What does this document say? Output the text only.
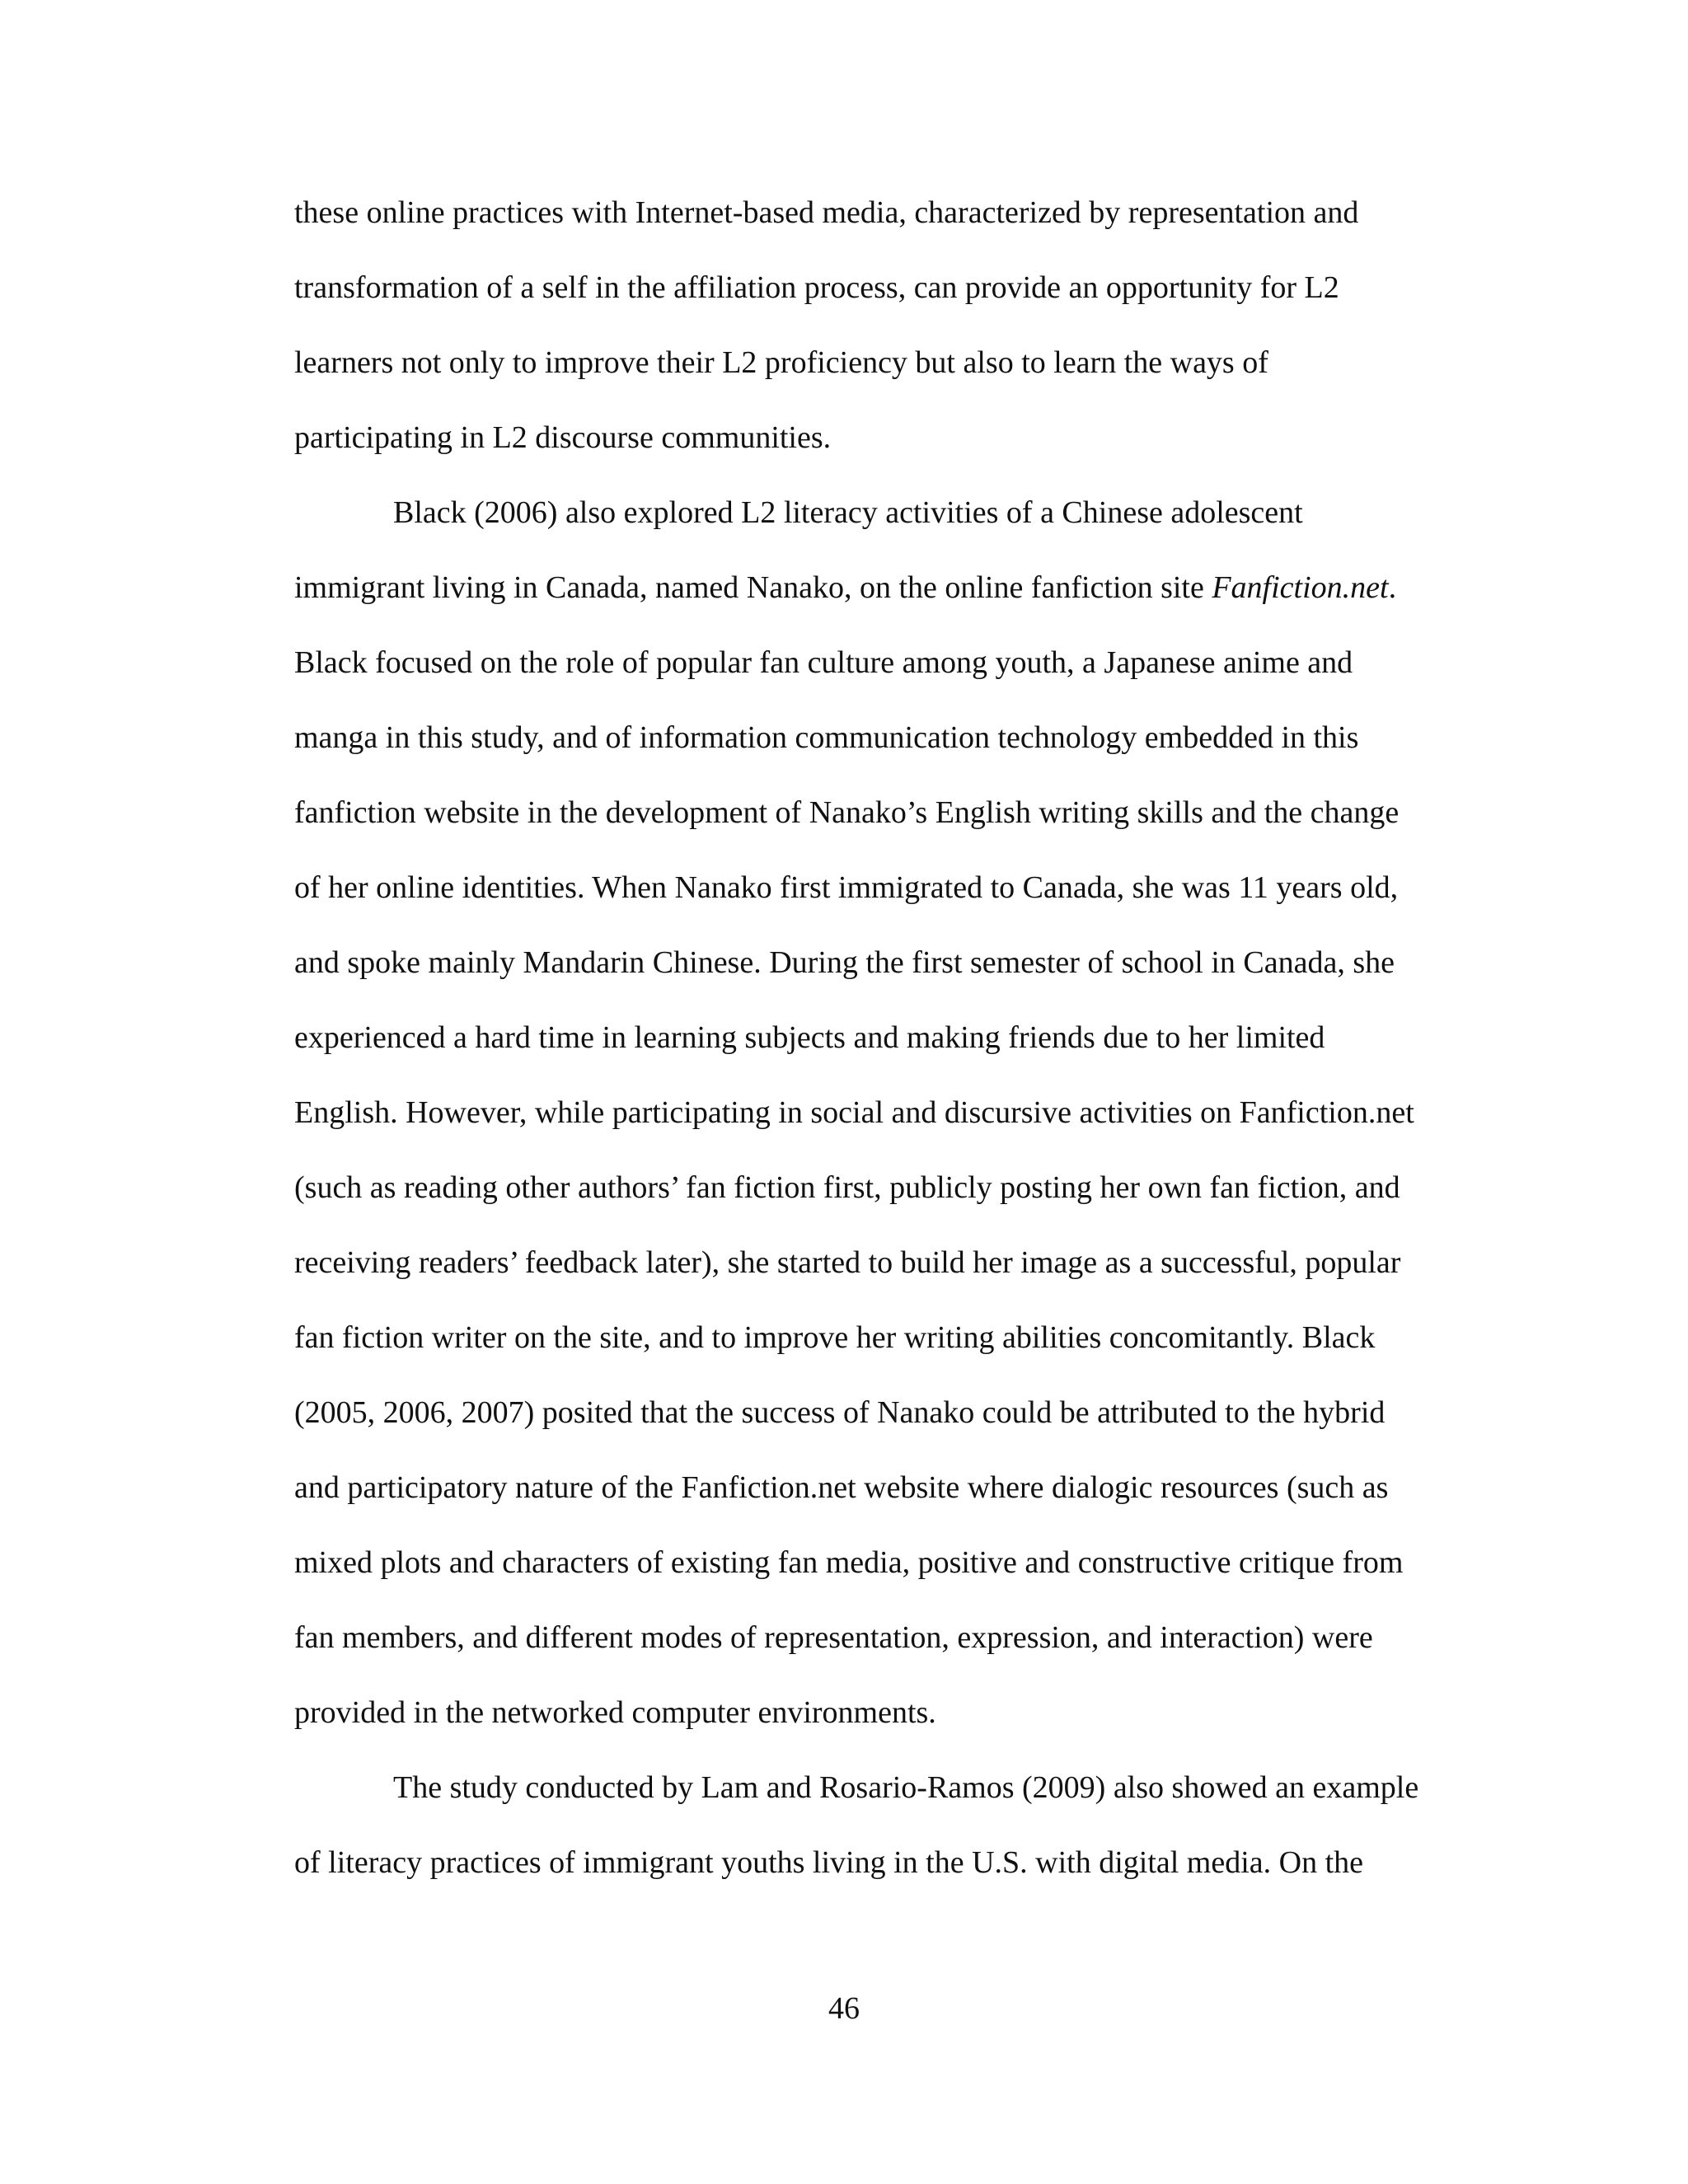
these online practices with Internet-based media, characterized by representation and
transformation of a self in the affiliation process, can provide an opportunity for L2
learners not only to improve their L2 proficiency but also to learn the ways of
participating in L2 discourse communities.
Black (2006) also explored L2 literacy activities of a Chinese adolescent
immigrant living in Canada, named Nanako, on the online fanfiction site Fanfiction.net.
Black focused on the role of popular fan culture among youth, a Japanese anime and
manga in this study, and of information communication technology embedded in this
fanfiction website in the development of Nanako’s English writing skills and the change
of her online identities. When Nanako first immigrated to Canada, she was 11 years old,
and spoke mainly Mandarin Chinese. During the first semester of school in Canada, she
experienced a hard time in learning subjects and making friends due to her limited
English. However, while participating in social and discursive activities on Fanfiction.net
(such as reading other authors’ fan fiction first, publicly posting her own fan fiction, and
receiving readers’ feedback later), she started to build her image as a successful, popular
fan fiction writer on the site, and to improve her writing abilities concomitantly. Black
(2005, 2006, 2007) posited that the success of Nanako could be attributed to the hybrid
and participatory nature of the Fanfiction.net website where dialogic resources (such as
mixed plots and characters of existing fan media, positive and constructive critique from
fan members, and different modes of representation, expression, and interaction) were
provided in the networked computer environments.
The study conducted by Lam and Rosario-Ramos (2009) also showed an example
of literacy practices of immigrant youths living in the U.S. with digital media. On the
46
